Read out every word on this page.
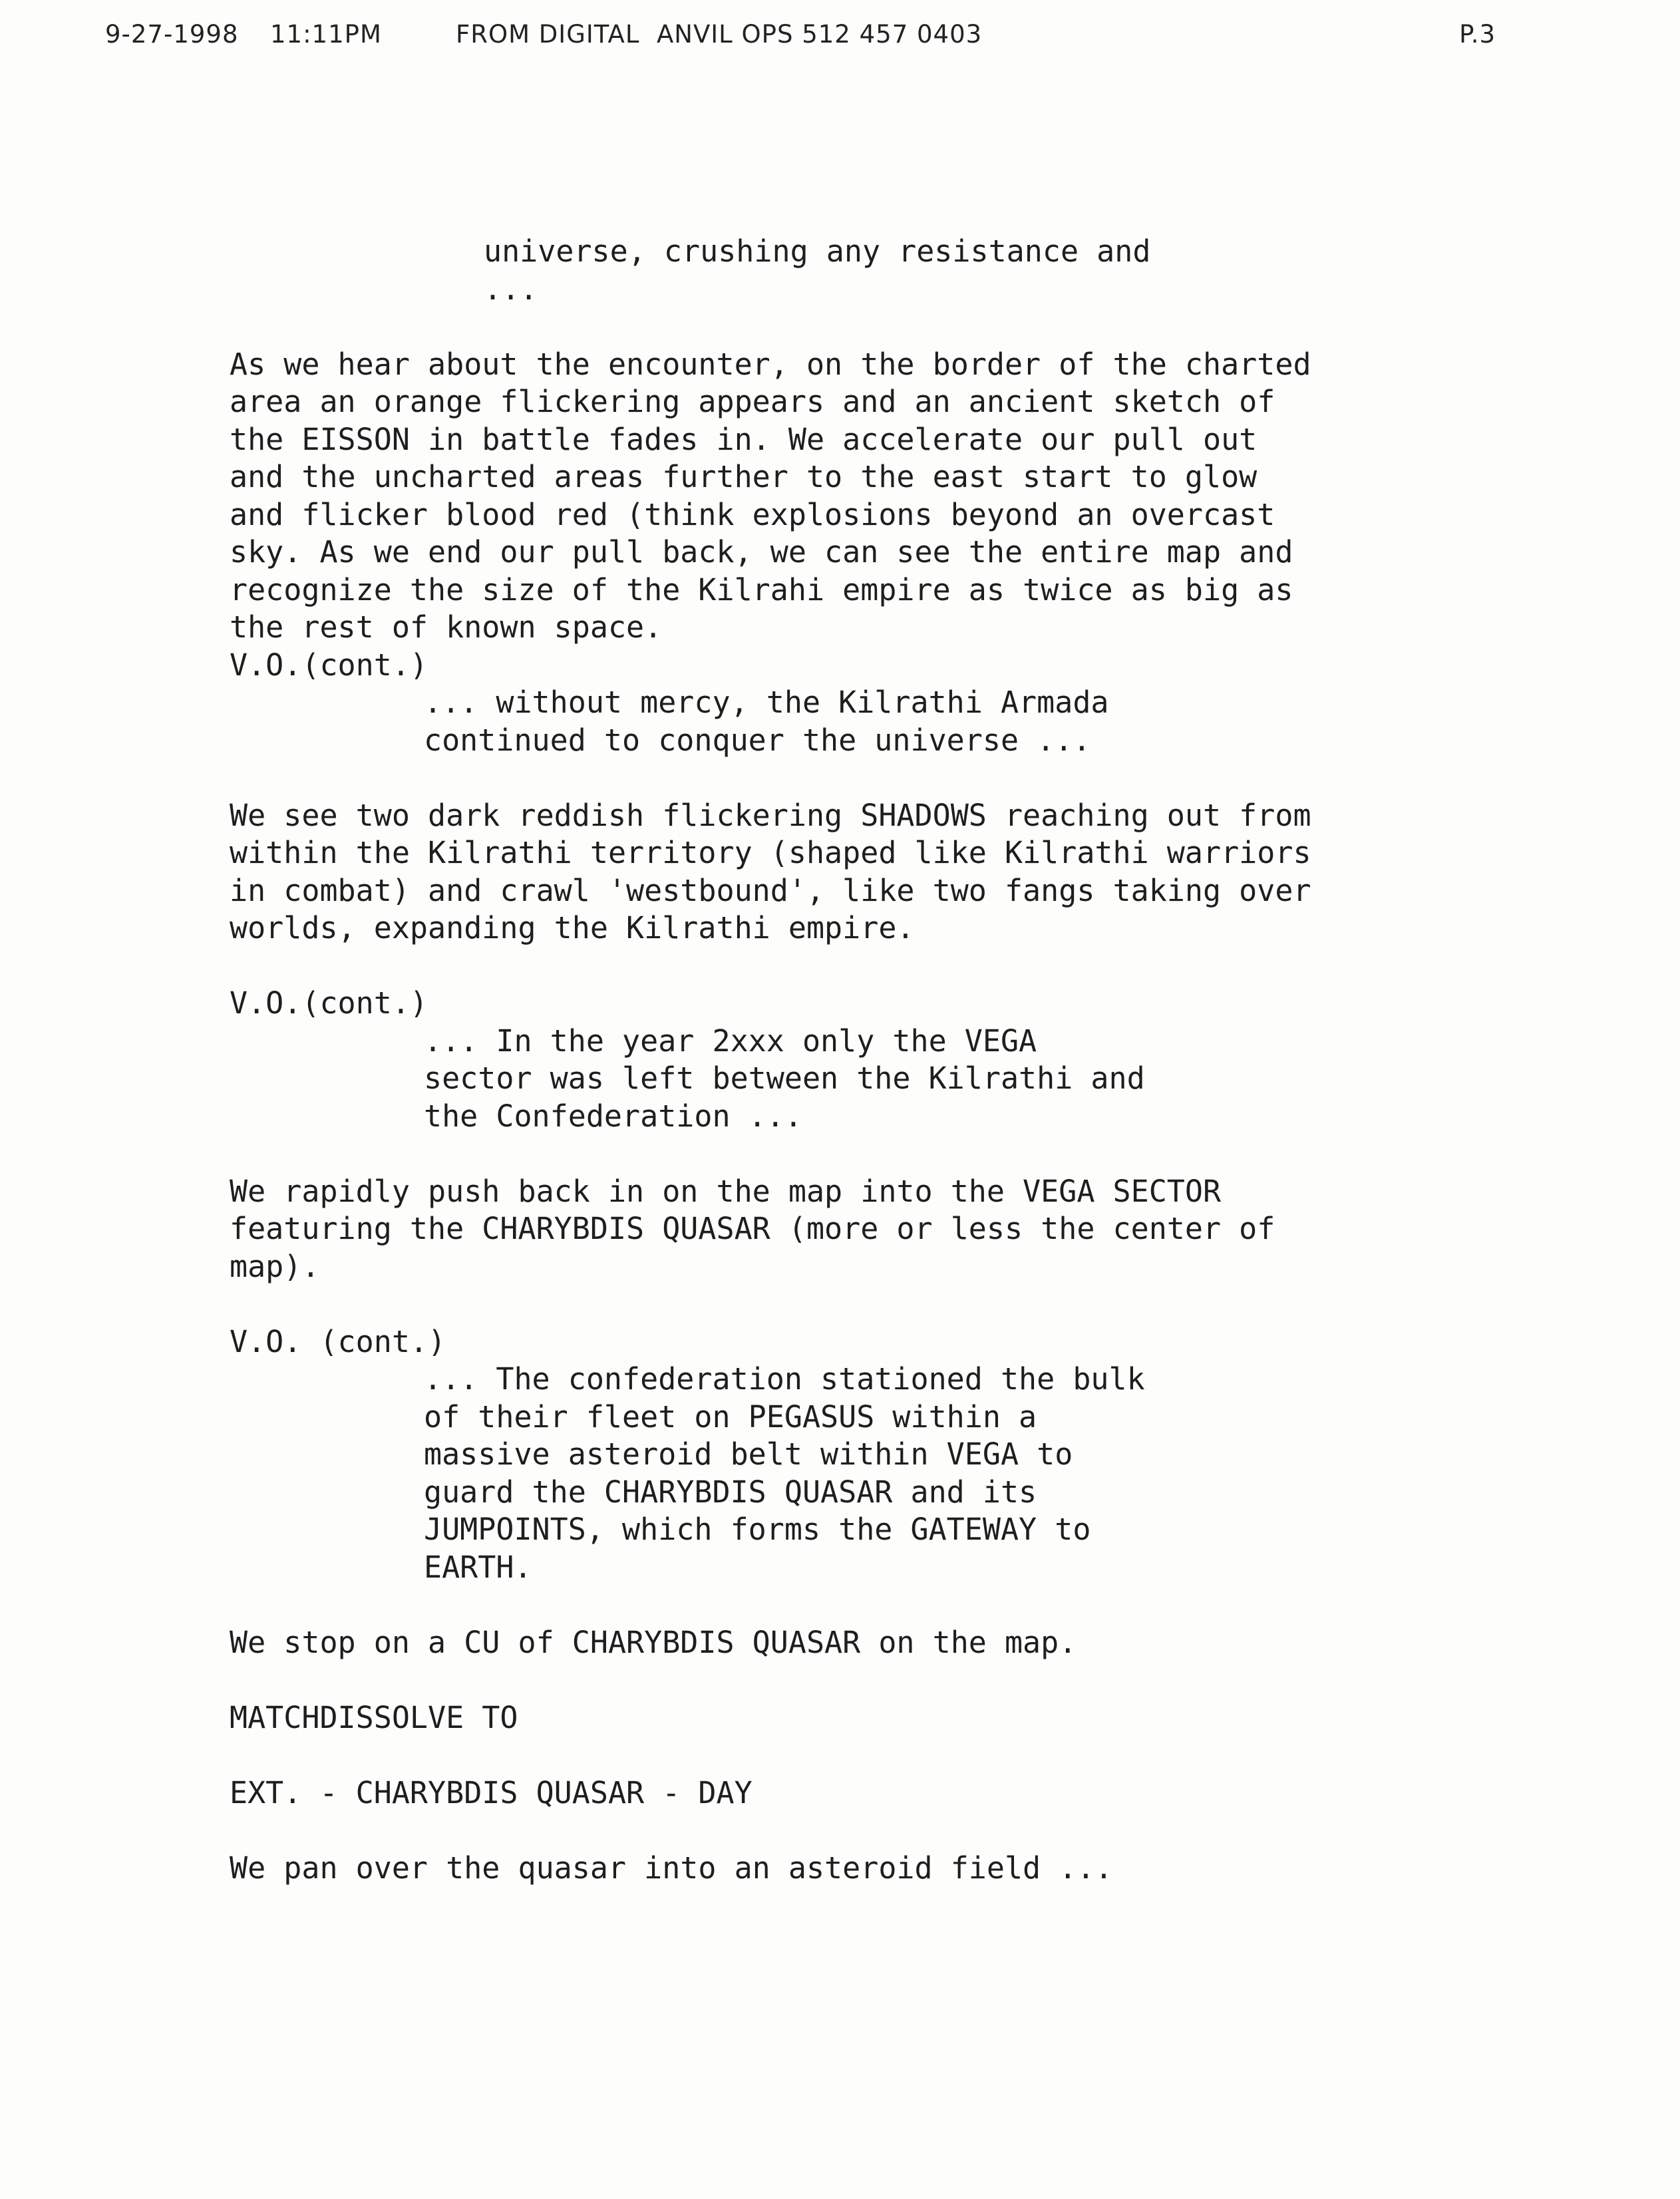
9-27-1998

11:11PM

	FROM DIGITAL  ANVIL OPS 512 457 0403

	P.3

universe, crushing any resistance and

...

As we hear about the encounter, on the border of the charted

area an orange flickering appears and an ancient sketch of

the EISSON in battle fades in. We accelerate our pull out

and the uncharted areas further to the east start to glow

and flicker blood red (think explosions beyond an overcast

sky. As we end our pull back, we can see the entire map and

recognize the size of the Kilrahi empire as twice as big as

the rest of known space.

V.O.(cont.)

... without mercy, the Kilrathi Armada

continued to conquer the universe ...

We see two dark reddish flickering SHADOWS reaching out from

within the Kilrathi territory (shaped like Kilrathi warriors

in combat) and crawl 'westbound', like two fangs taking over

worlds, expanding the Kilrathi empire.

V.O.(cont.)

... In the year 2xxx only the VEGA

sector was left between the Kilrathi and

the Confederation ...

We rapidly push back in on the map into the VEGA SECTOR

featuring the CHARYBDIS QUASAR (more or less the center of

map).

V.O. (cont.)

... The confederation stationed the bulk

of their fleet on PEGASUS within a

massive asteroid belt within VEGA to

guard the CHARYBDIS QUASAR and its

JUMPOINTS, which forms the GATEWAY to

EARTH.

We stop on a CU of CHARYBDIS QUASAR on the map.

MATCHDISSOLVE TO

EXT. - CHARYBDIS QUASAR - DAY

We pan over the quasar into an asteroid field ...
